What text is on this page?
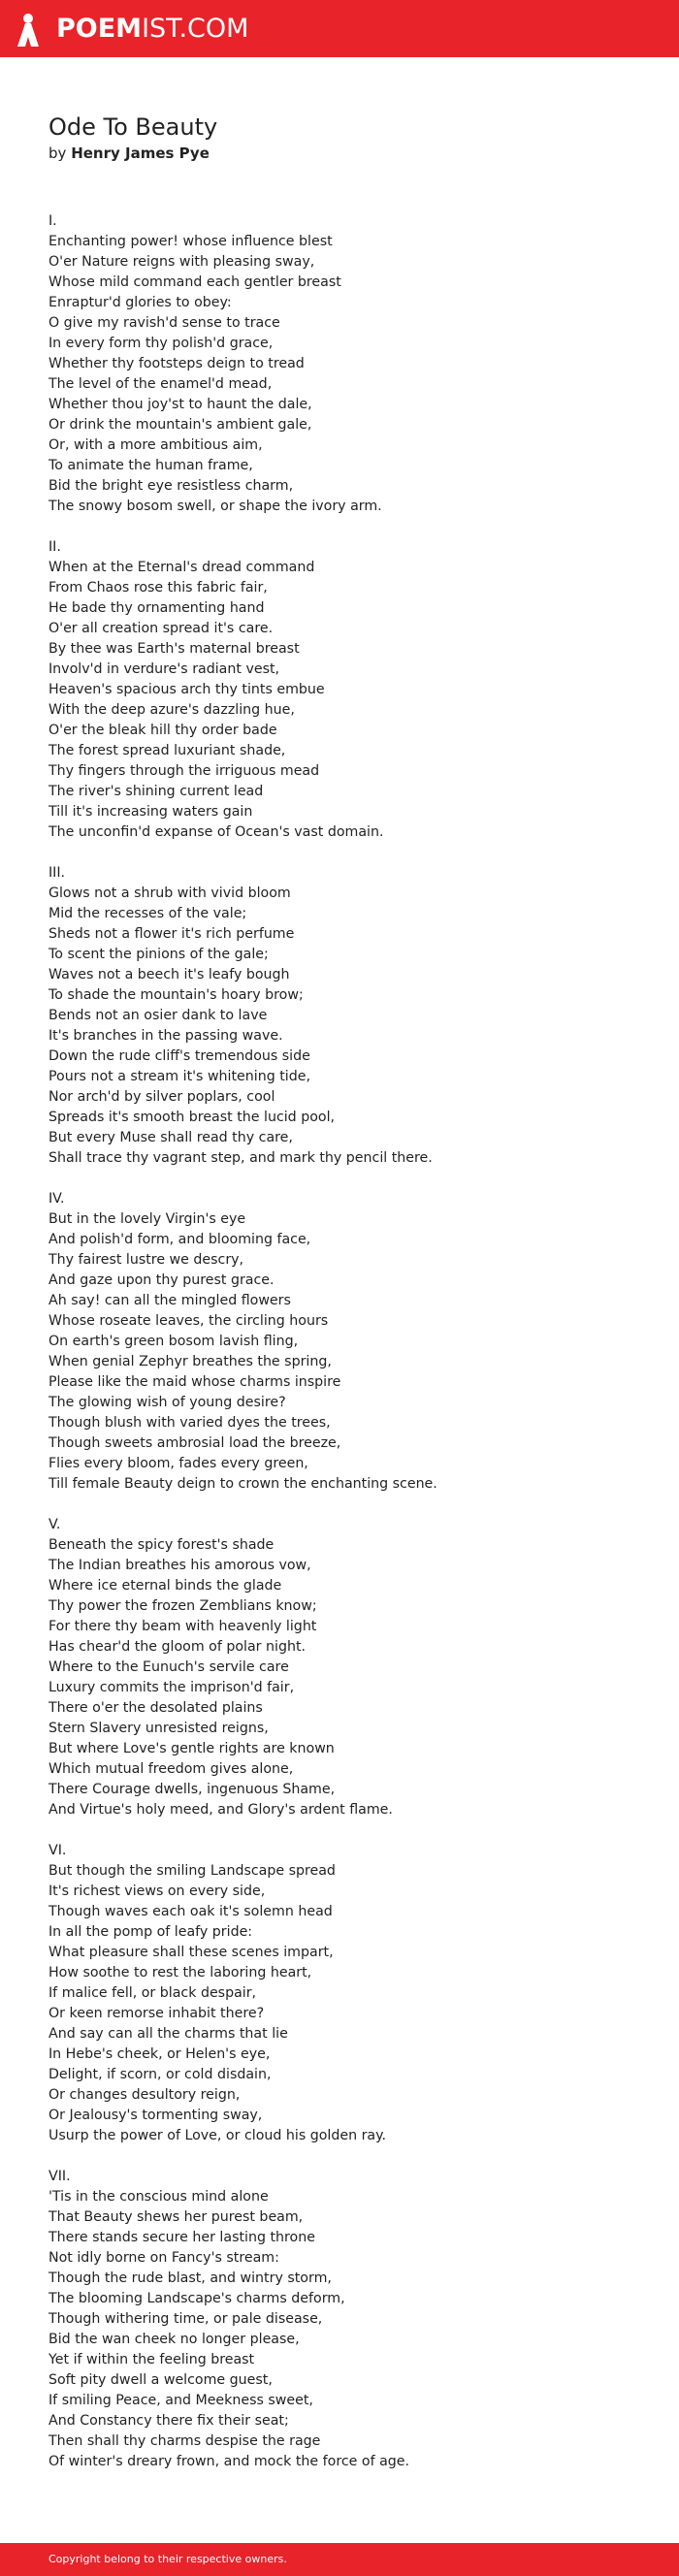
POEMIST.COM
Ode To Beauty
by Henry James Pye
I.
Enchanting power! whose influence blest
O'er Nature reigns with pleasing sway,
Whose mild command each gentler breast
Enraptur'd glories to obey:
O give my ravish'd sense to trace
In every form thy polish'd grace,
Whether thy footsteps deign to tread
The level of the enamel'd mead,
Whether thou joy'st to haunt the dale,
Or drink the mountain's ambient gale,
Or, with a more ambitious aim,
To animate the human frame,
Bid the bright eye resistless charm,
The snowy bosom swell, or shape the ivory arm.
II.
When at the Eternal's dread command
From Chaos rose this fabric fair,
He bade thy ornamenting hand
O'er all creation spread it's care.
By thee was Earth's maternal breast
Involv'd in verdure's radiant vest,
Heaven's spacious arch thy tints embue
With the deep azure's dazzling hue,
O'er the bleak hill thy order bade
The forest spread luxuriant shade,
Thy fingers through the irriguous mead
The river's shining current lead
Till it's increasing waters gain
The unconfin'd expanse of Ocean's vast domain.
III.
Glows not a shrub with vivid bloom
Mid the recesses of the vale;
Sheds not a flower it's rich perfume
To scent the pinions of the gale;
Waves not a beech it's leafy bough
To shade the mountain's hoary brow;
Bends not an osier dank to lave
It's branches in the passing wave.
Down the rude cliff's tremendous side
Pours not a stream it's whitening tide,
Nor arch'd by silver poplars, cool
Spreads it's smooth breast the lucid pool,
But every Muse shall read thy care,
Shall trace thy vagrant step, and mark thy pencil there.
IV.
But in the lovely Virgin's eye
And polish'd form, and blooming face,
Thy fairest lustre we descry,
And gaze upon thy purest grace.
Ah say! can all the mingled flowers
Whose roseate leaves, the circling hours
On earth's green bosom lavish fling,
When genial Zephyr breathes the spring,
Please like the maid whose charms inspire
The glowing wish of young desire?
Though blush with varied dyes the trees,
Though sweets ambrosial load the breeze,
Flies every bloom, fades every green,
Till female Beauty deign to crown the enchanting scene.
V.
Beneath the spicy forest's shade
The Indian breathes his amorous vow,
Where ice eternal binds the glade
Thy power the frozen Zemblians know;
For there thy beam with heavenly light
Has chear'd the gloom of polar night.
Where to the Eunuch's servile care
Luxury commits the imprison'd fair,
There o'er the desolated plains
Stern Slavery unresisted reigns,
But where Love's gentle rights are known
Which mutual freedom gives alone,
There Courage dwells, ingenuous Shame,
And Virtue's holy meed, and Glory's ardent flame.
VI.
But though the smiling Landscape spread
It's richest views on every side,
Though waves each oak it's solemn head
In all the pomp of leafy pride:
What pleasure shall these scenes impart,
How soothe to rest the laboring heart,
If malice fell, or black despair,
Or keen remorse inhabit there?
And say can all the charms that lie
In Hebe's cheek, or Helen's eye,
Delight, if scorn, or cold disdain,
Or changes desultory reign,
Or Jealousy's tormenting sway,
Usurp the power of Love, or cloud his golden ray.
VII.
'Tis in the conscious mind alone
That Beauty shews her purest beam,
There stands secure her lasting throne
Not idly borne on Fancy's stream:
Though the rude blast, and wintry storm,
The blooming Landscape's charms deform,
Though withering time, or pale disease,
Bid the wan cheek no longer please,
Yet if within the feeling breast
Soft pity dwell a welcome guest,
If smiling Peace, and Meekness sweet,
And Constancy there fix their seat;
Then shall thy charms despise the rage
Of winter's dreary frown, and mock the force of age.
Copyright belong to their respective owners.
